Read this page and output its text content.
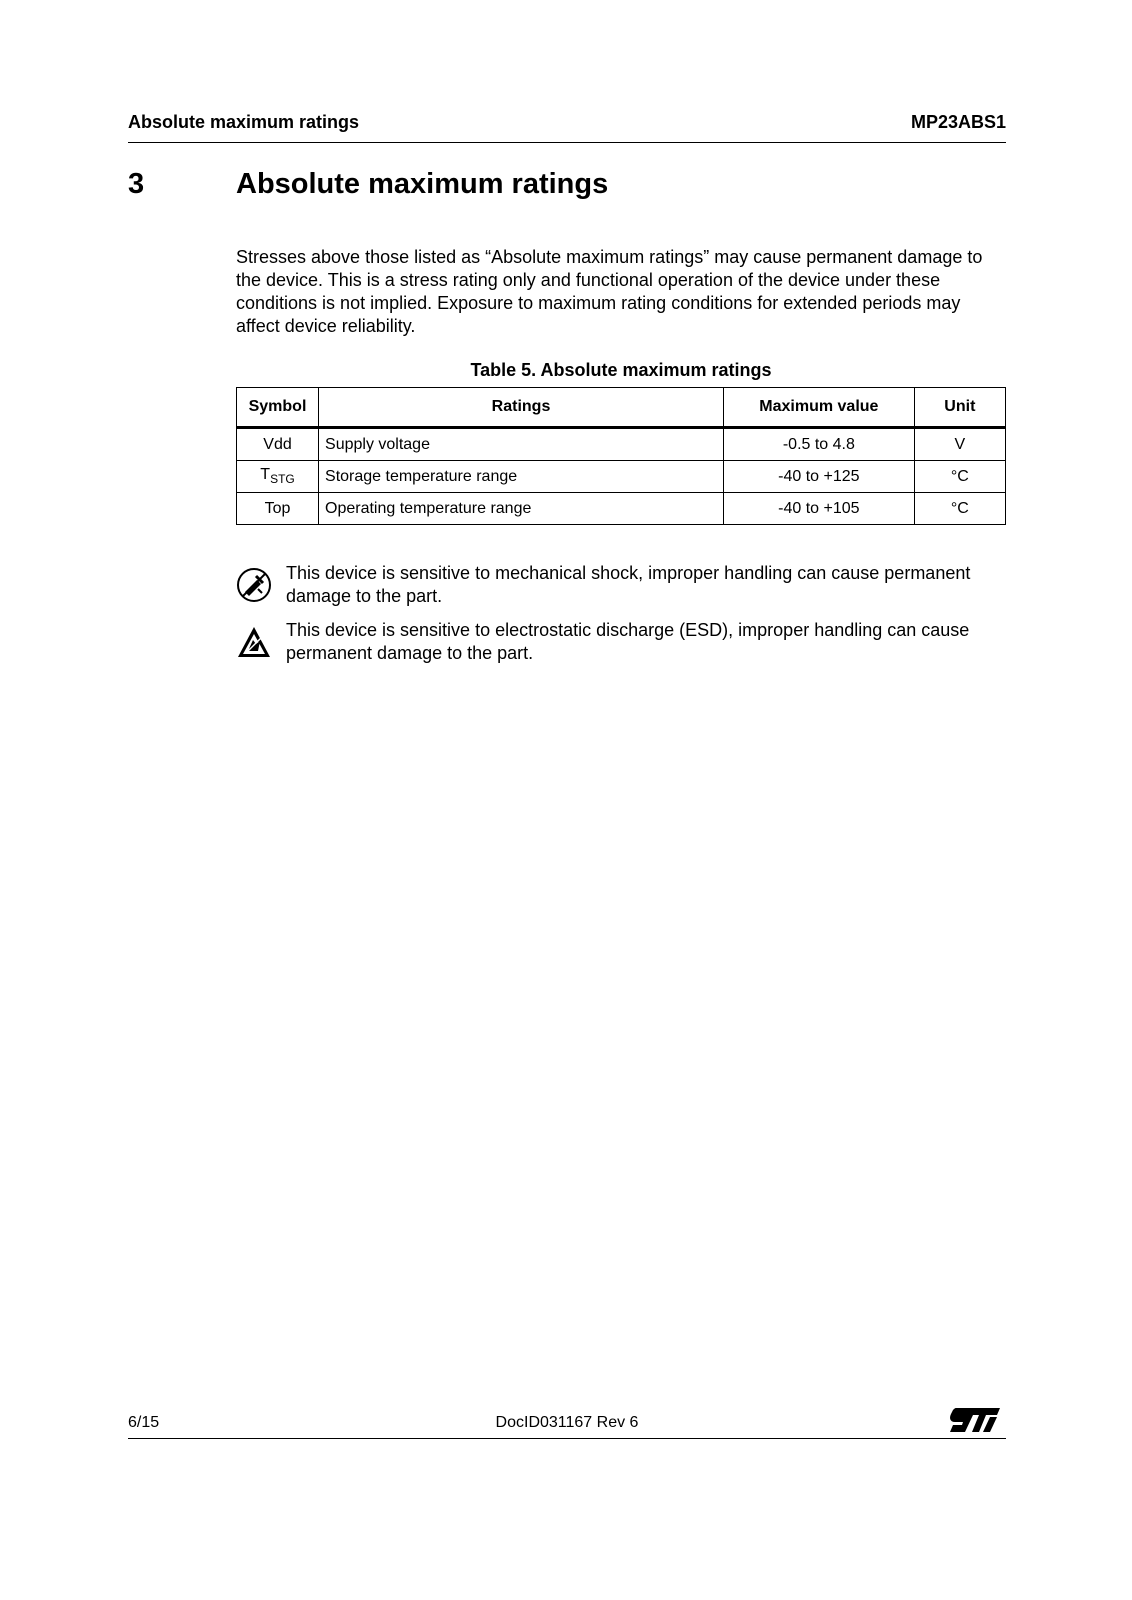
Absolute maximum ratings	MP23ABS1
3	Absolute maximum ratings
Stresses above those listed as “Absolute maximum ratings” may cause permanent damage to the device. This is a stress rating only and functional operation of the device under these conditions is not implied. Exposure to maximum rating conditions for extended periods may affect device reliability.
Table 5. Absolute maximum ratings
Symbol	Ratings	Maximum value	Unit
Vdd	Supply voltage	-0.5 to 4.8	V
$T_{STG}$	Storage temperature range	-40 to +125	°C
Top	Operating temperature range	-40 to +105	°C
This device is sensitive to mechanical shock, improper handling can cause permanent damage to the part.
This device is sensitive to electrostatic discharge (ESD), improper handling can cause permanent damage to the part.
6/15	DocID031167 Rev 6
